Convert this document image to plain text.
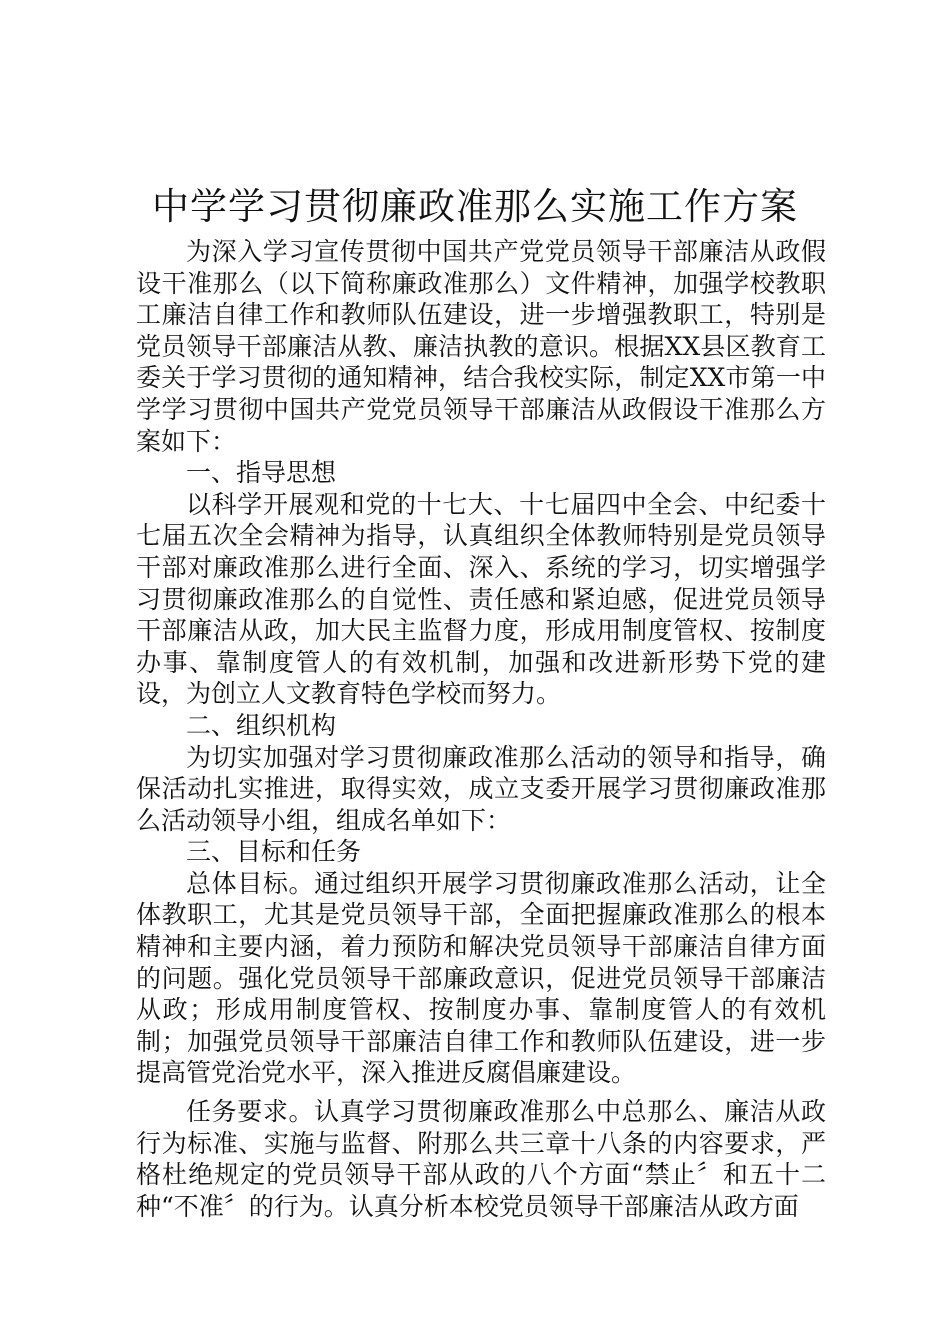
中学学习贯彻廉政准那么实施工作方案

为深入学习宣传贯彻中国共产党党员领导干部廉洁从政假设干准那么（以下简称廉政准那么）文件精神，加强学校教职工廉洁自律工作和教师队伍建设，进一步增强教职工，特别是党员领导干部廉洁从教、廉洁执教的意识。根据XX县区教育工委关于学习贯彻的通知精神，结合我校实际，制定XX市第一中学学习贯彻中国共产党党员领导干部廉洁从政假设干准那么方案如下：

一、指导思想

以科学开展观和党的十七大、十七届四中全会、中纪委十七届五次全会精神为指导，认真组织全体教师特别是党员领导干部对廉政准那么进行全面、深入、系统的学习，切实增强学习贯彻廉政准那么的自觉性、责任感和紧迫感，促进党员领导干部廉洁从政，加大民主监督力度，形成用制度管权、按制度办事、靠制度管人的有效机制，加强和改进新形势下党的建设，为创立人文教育特色学校而努力。

二、组织机构

为切实加强对学习贯彻廉政准那么活动的领导和指导，确保活动扎实推进，取得实效，成立支委开展学习贯彻廉政准那么活动领导小组，组成名单如下：

三、目标和任务

总体目标。通过组织开展学习贯彻廉政准那么活动，让全体教职工，尤其是党员领导干部，全面把握廉政准那么的根本精神和主要内涵，着力预防和解决党员领导干部廉洁自律方面的问题。强化党员领导干部廉政意识，促进党员领导干部廉洁从政；形成用制度管权、按制度办事、靠制度管人的有效机制；加强党员领导干部廉洁自律工作和教师队伍建设，进一步提高管党治党水平，深入推进反腐倡廉建设。

任务要求。认真学习贯彻廉政准那么中总那么、廉洁从政行为标准、实施与监督、附那么共三章十八条的内容要求，严格杜绝规定的党员领导干部从政的八个方面“禁止〞和五十二种“不准〞的行为。认真分析本校党员领导干部廉洁从政方面
